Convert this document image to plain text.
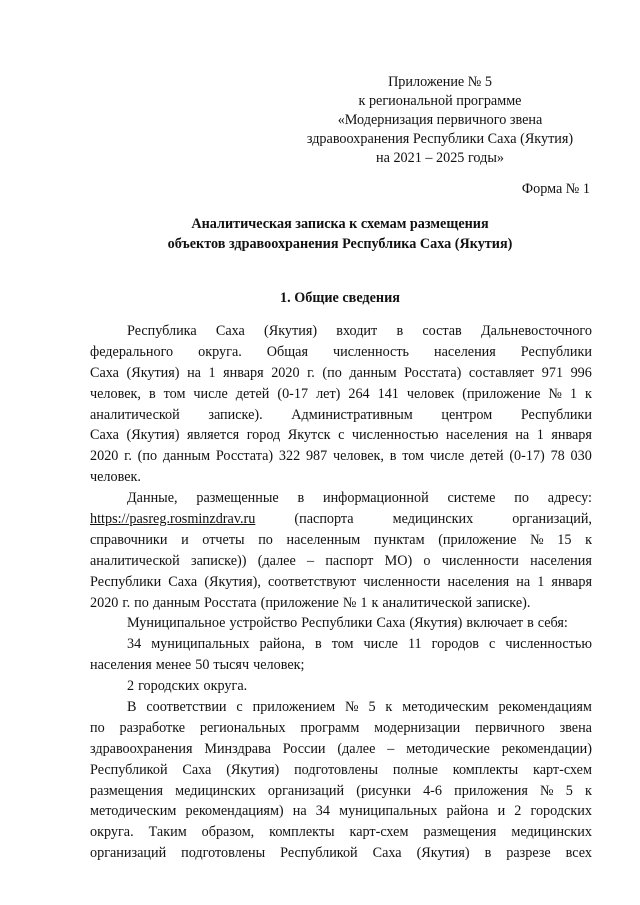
Приложение № 5
к региональной программе
«Модернизация первичного звена
здравоохранения Республики Саха (Якутия)
на 2021 – 2025 годы»
Форма № 1
Аналитическая записка к схемам размещения
объектов здравоохранения Республика Саха (Якутия)
1. Общие сведения
Республика Саха (Якутия) входит в состав Дальневосточного
федерального округа. Общая численность населения Республики
Саха (Якутия) на 1 января 2020 г. (по данным Росстата) составляет 971 996
человек, в том числе детей (0-17 лет) 264 141 человек (приложение № 1 к
аналитической записке). Административным центром Республики
Саха (Якутия) является город Якутск с численностью населения на 1 января
2020 г. (по данным Росстата) 322 987 человек, в том числе детей (0-17) 78 030
человек.
Данные, размещенные в информационной системе по адресу:
https://pasreg.rosminzdrav.ru	(паспорта	медицинских	организаций,
справочники и отчеты по населенным пунктам (приложение № 15 к
аналитической записке)) (далее – паспорт МО) о численности населения
Республики Саха (Якутия), соответствуют численности населения на 1 января
2020 г. по данным Росстата (приложение № 1 к аналитической записке).
Муниципальное устройство Республики Саха (Якутия) включает в себя:
34 муниципальных района, в том числе 11 городов с численностью
населения менее 50 тысяч человек;
2 городских округа.
В соответствии с приложением № 5 к методическим рекомендациям
по разработке региональных программ модернизации первичного звена
здравоохранения Минздрава России (далее – методические рекомендации)
Республикой Саха (Якутия) подготовлены полные комплекты карт-схем
размещения медицинских организаций (рисунки 4-6 приложения № 5 к
методическим рекомендациям) на 34 муниципальных района и 2 городских
округа. Таким образом, комплекты карт-схем размещения медицинских
организаций подготовлены Республикой Саха (Якутия) в разрезе всех
